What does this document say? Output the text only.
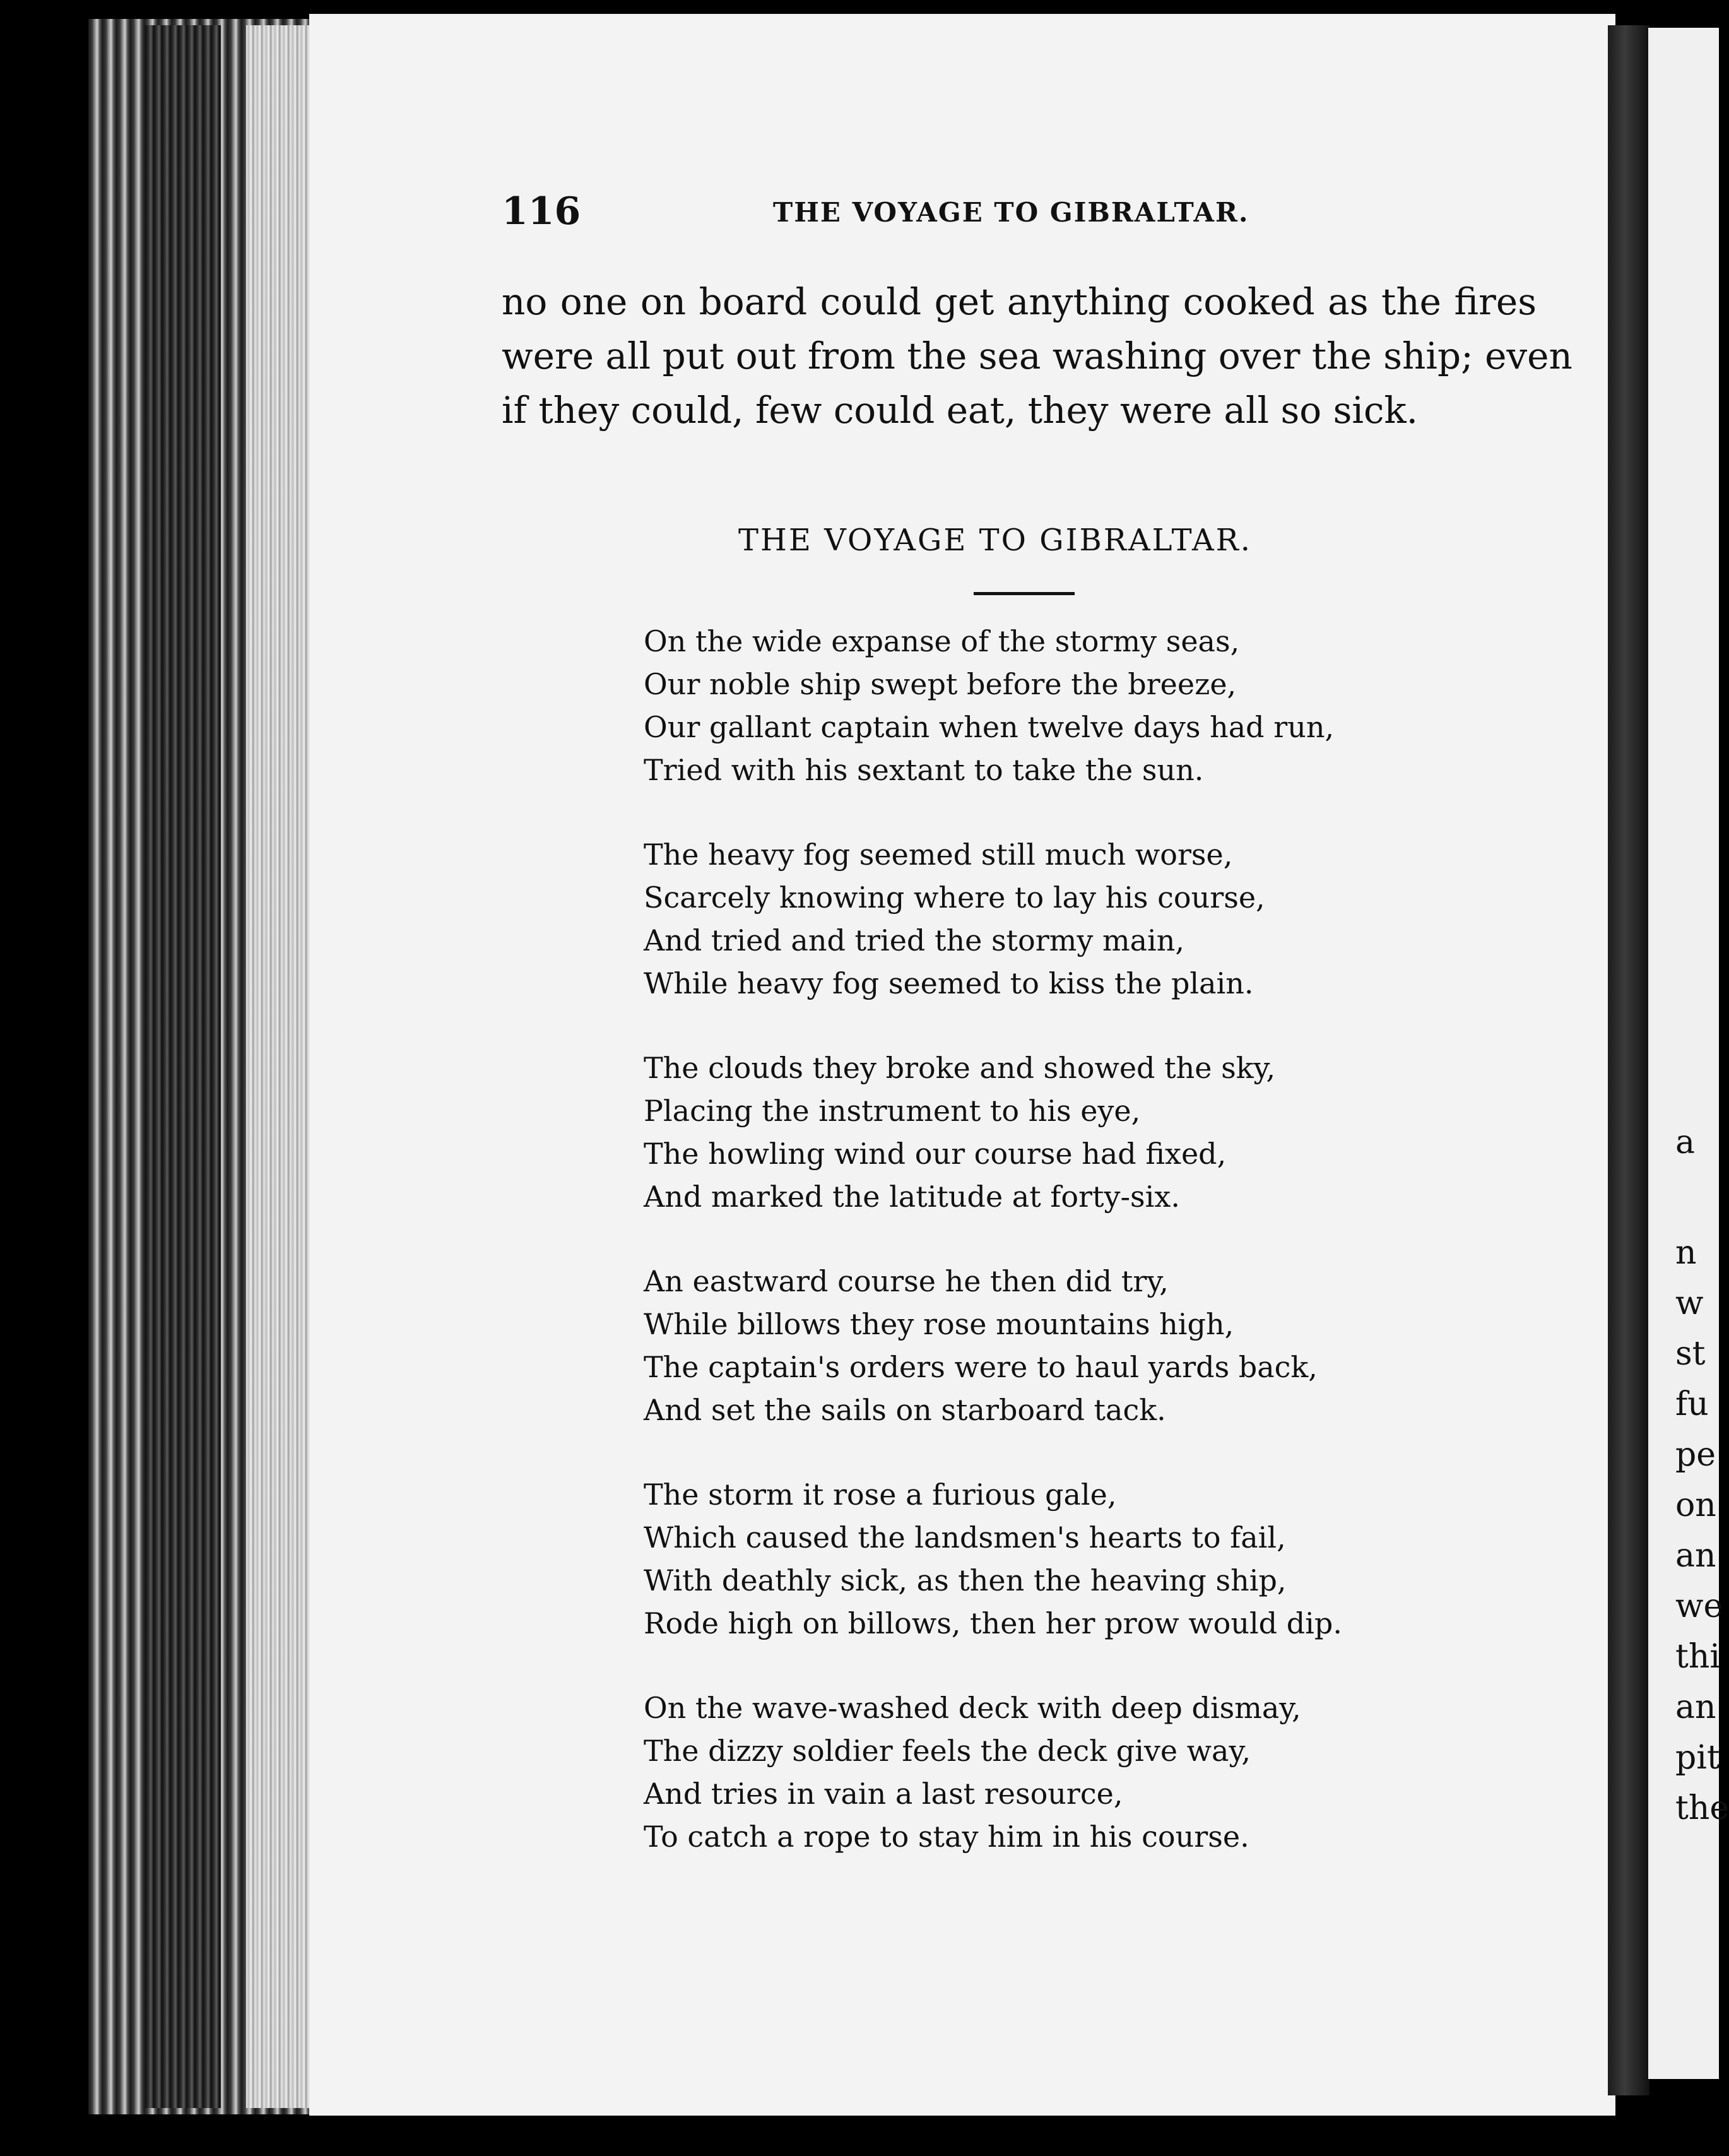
a
n
w
st
fu
pe
on
an
we
thi
an
pit
the
116	THE VOYAGE TO GIBRALTAR.
no one on board could get anything cooked as the fires
were all put out from the sea washing over the ship; even
if they could, few could eat, they were all so sick.
THE VOYAGE TO GIBRALTAR.
On the wide expanse of the stormy seas,
Our noble ship swept before the breeze,
Our gallant captain when twelve days had run,
Tried with his sextant to take the sun.
The heavy fog seemed still much worse,
Scarcely knowing where to lay his course,
And tried and tried the stormy main,
While heavy fog seemed to kiss the plain.
The clouds they broke and showed the sky,
Placing the instrument to his eye,
The howling wind our course had fixed,
And marked the latitude at forty-six.
An eastward course he then did try,
While billows they rose mountains high,
The captain's orders were to haul yards back,
And set the sails on starboard tack.
The storm it rose a furious gale,
Which caused the landsmen's hearts to fail,
With deathly sick, as then the heaving ship,
Rode high on billows, then her prow would dip.
On the wave-washed deck with deep dismay,
The dizzy soldier feels the deck give way,
And tries in vain a last resource,
To catch a rope to stay him in his course.
